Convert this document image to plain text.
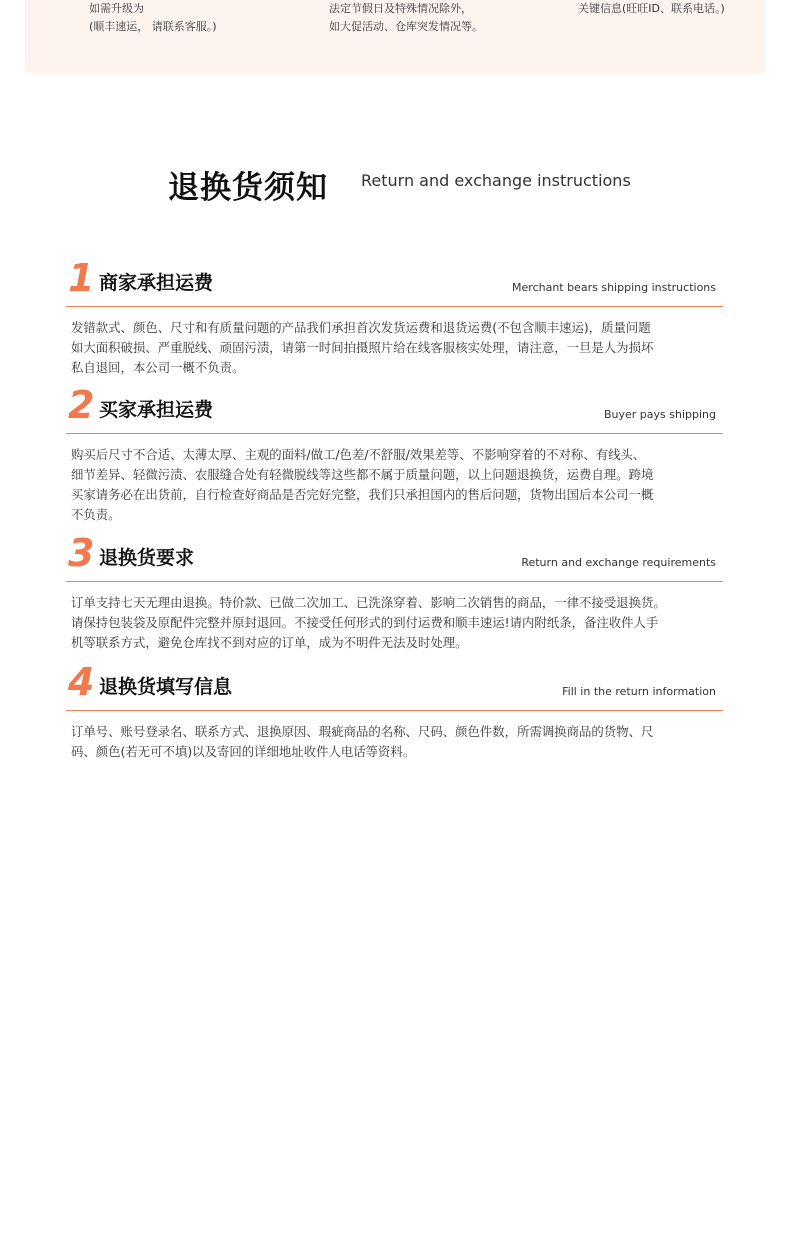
如需升级为
(顺丰速运， 请联系客服。)
法定节假日及特殊情况除外，
如大促活动、仓库突发情况等。
关键信息(旺旺ID、联系电话。)
退换货须知 Return and exchange instructions
1 商家承担运费	Merchant bears shipping instructions
发错款式、颜色、尺寸和有质量问题的产品我们承担首次发货运费和退货运费(不包含顺丰速运)，质量问题
如大面积破损、严重脱线、顽固污渍，请第一时间拍摄照片给在线客服核实处理，请注意，一旦是人为损坏
私自退回，本公司一概不负责。
2 买家承担运费	Buyer pays shipping
购买后尺寸不合适、太薄太厚、主观的面料/做工/色差/不舒服/效果差等、不影响穿着的不对称、有线头、
细节差异、轻微污渍、农服缝合处有轻微脱线等这些都不属于质量问题，以上问题退换货，运费自理。跨境
买家请务必在出货前，自行检查好商品是否完好完整，我们只承担国内的售后问题，货物出国后本公司一概
不负责。
3 退换货要求	Return and exchange requirements
订单支持七天无理由退换。特价款、已做二次加工、已洗涤穿着、影响二次销售的商品，一律不接受退换货。
请保持包装袋及原配件完整并原封退回。不接受任何形式的到付运费和顺丰速运!请内附纸条，备注收件人手
机等联系方式，避免仓库找不到对应的订单，成为不明件无法及时处理。
4 退换货填写信息	Fill in the return information
订单号、账号登录名、联系方式、退换原因、瑕疵商品的名称、尺码、颜色件数，所需调换商品的货物、尺
码、颜色(若无可不填)以及寄回的详细地址收件人电话等资料。
